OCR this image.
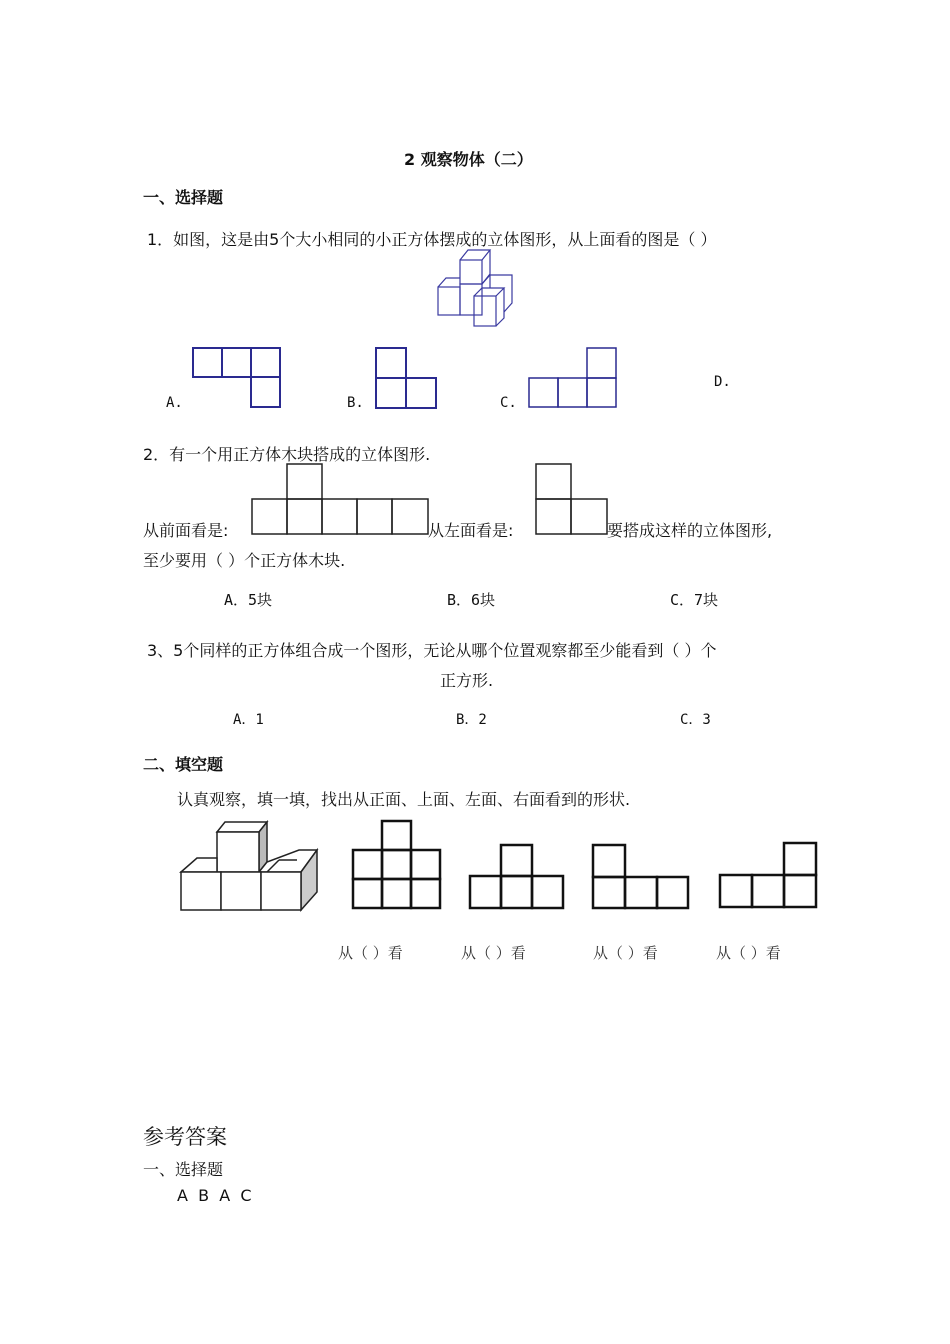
2 观察物体（二）
一、选择题
1．如图，这是由5个大小相同的小正方体摆成的立体图形，从上面看的图是（ ）
A.	B.	C.
D.
2．有一个用正方体木块搭成的立体图形.
从前面看是:	从左面看是:	要搭成这样的立体图形,
至少要用（ ）个正方体木块.
A．5块	B．6块	C．7块
3、5个同样的正方体组合成一个图形，无论从哪个位置观察都至少能看到（ ）个
正方形.
A．1	B．2	C．3
二、填空题
认真观察，填一填，找出从正面、上面、左面、右面看到的形状.
从（ ）看	从（ ）看	从（ ）看	从（ ）看
参考答案
一、选择题
A  B  A  C
